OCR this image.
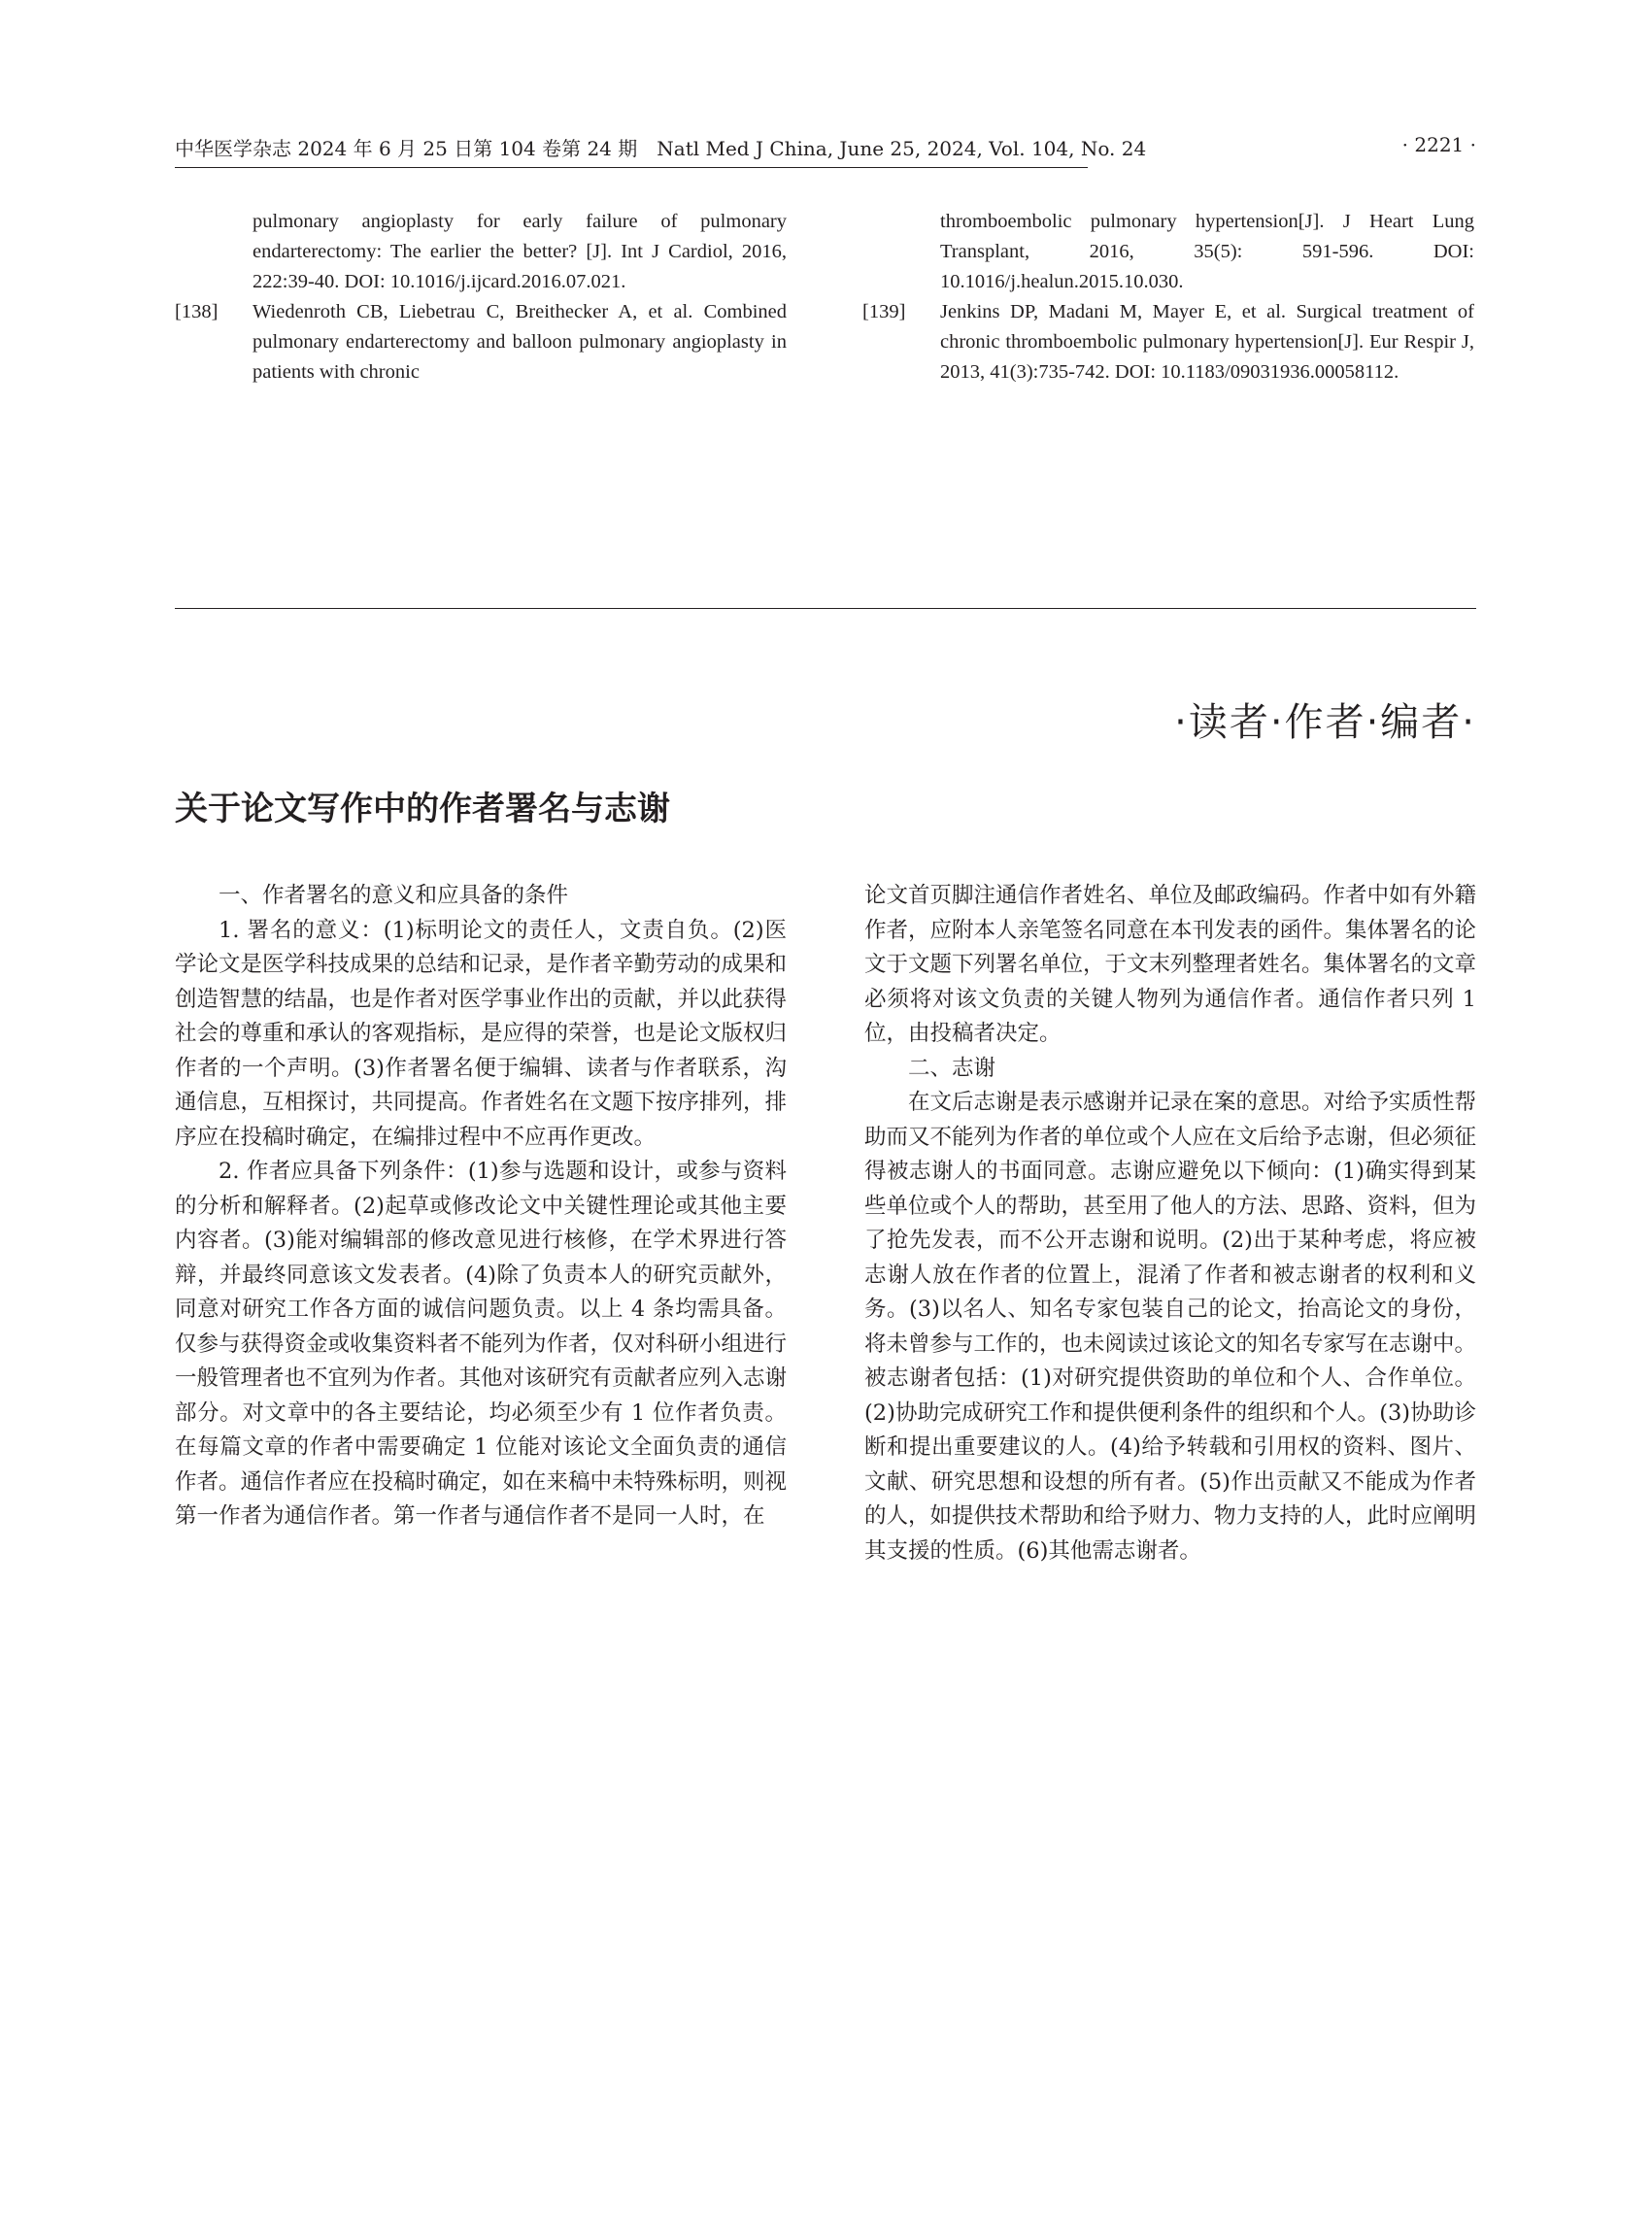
中华医学杂志 2024 年 6 月 25 日第 104 卷第 24 期　Natl Med J China, June 25, 2024, Vol. 104, No. 24	· 2221 ·
pulmonary angioplasty for early failure of pulmonary endarterectomy: The earlier the better? [J]. Int J Cardiol, 2016, 222:39-40. DOI: 10.1016/j.ijcard.2016.07.021.
[138] Wiedenroth CB, Liebetrau C, Breithecker A, et al. Combined pulmonary endarterectomy and balloon pulmonary angioplasty in patients with chronic
thromboembolic pulmonary hypertension[J]. J Heart Lung Transplant, 2016, 35(5): 591-596. DOI: 10.1016/j.healun.2015.10.030.
[139] Jenkins DP, Madani M, Mayer E, et al. Surgical treatment of chronic thromboembolic pulmonary hypertension[J]. Eur Respir J, 2013, 41(3):735-742. DOI: 10.1183/09031936.00058112.
·读者·作者·编者·
关于论文写作中的作者署名与志谢

一、作者署名的意义和应具备的条件

1. 署名的意义：(1)标明论文的责任人，文责自负。(2)医学论文是医学科技成果的总结和记录，是作者辛勤劳动的成果和创造智慧的结晶，也是作者对医学事业作出的贡献，并以此获得社会的尊重和承认的客观指标，是应得的荣誉，也是论文版权归作者的一个声明。(3)作者署名便于编辑、读者与作者联系，沟通信息，互相探讨，共同提高。作者姓名在文题下按序排列，排序应在投稿时确定，在编排过程中不应再作更改。

2. 作者应具备下列条件：(1)参与选题和设计，或参与资料的分析和解释者。(2)起草或修改论文中关键性理论或其他主要内容者。(3)能对编辑部的修改意见进行核修，在学术界进行答辩，并最终同意该文发表者。(4)除了负责本人的研究贡献外，同意对研究工作各方面的诚信问题负责。以上 4 条均需具备。仅参与获得资金或收集资料者不能列为作者，仅对科研小组进行一般管理者也不宜列为作者。其他对该研究有贡献者应列入志谢部分。对文章中的各主要结论，均必须至少有 1 位作者负责。在每篇文章的作者中需要确定 1 位能对该论文全面负责的通信作者。通信作者应在投稿时确定，如在来稿中未特殊标明，则视第一作者为通信作者。第一作者与通信作者不是同一人时，在

论文首页脚注通信作者姓名、单位及邮政编码。作者中如有外籍作者，应附本人亲笔签名同意在本刊发表的函件。集体署名的论文于文题下列署名单位，于文末列整理者姓名。集体署名的文章必须将对该文负责的关键人物列为通信作者。通信作者只列 1 位，由投稿者决定。

二、志谢

在文后志谢是表示感谢并记录在案的意思。对给予实质性帮助而又不能列为作者的单位或个人应在文后给予志谢，但必须征得被志谢人的书面同意。志谢应避免以下倾向：(1)确实得到某些单位或个人的帮助，甚至用了他人的方法、思路、资料，但为了抢先发表，而不公开志谢和说明。(2)出于某种考虑，将应被志谢人放在作者的位置上，混淆了作者和被志谢者的权利和义务。(3)以名人、知名专家包装自己的论文，抬高论文的身份，将未曾参与工作的，也未阅读过该论文的知名专家写在志谢中。被志谢者包括：(1)对研究提供资助的单位和个人、合作单位。(2)协助完成研究工作和提供便利条件的组织和个人。(3)协助诊断和提出重要建议的人。(4)给予转载和引用权的资料、图片、文献、研究思想和设想的所有者。(5)作出贡献又不能成为作者的人，如提供技术帮助和给予财力、物力支持的人，此时应阐明其支援的性质。(6)其他需志谢者。
